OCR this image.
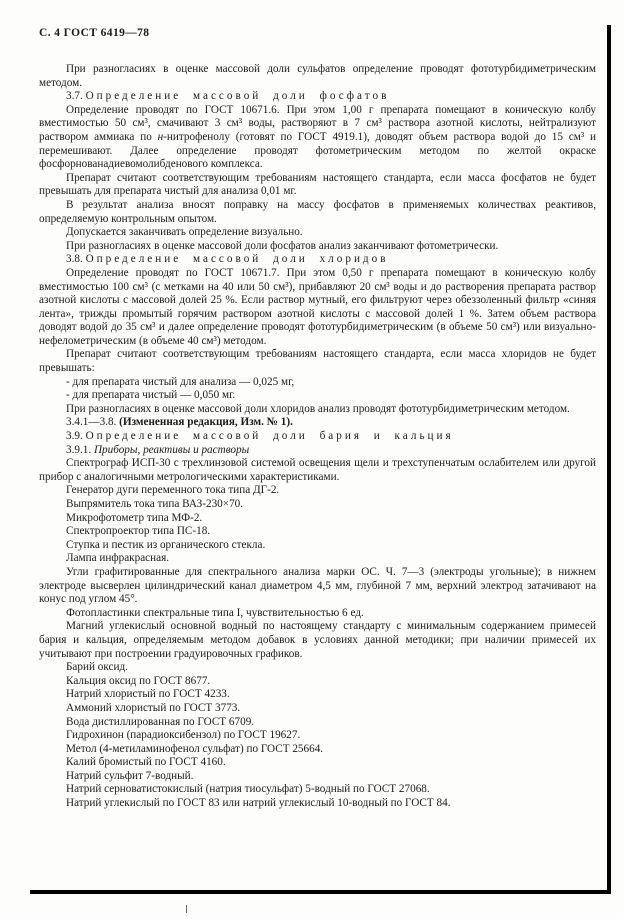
С. 4 ГОСТ 6419—78

При разногласиях в оценке массовой доли сульфатов определение проводят фототурбидиметрическим методом.

3.7. Определение массовой доли фосфатов

Определение проводят по ГОСТ 10671.6. При этом 1,00 г препарата помещают в коническую колбу вместимостью 50 см³, смачивают 3 см³ воды, растворяют в 7 см³ раствора азотной кислоты, нейтрализуют раствором аммиака по н-нитрофенолу (готовят по ГОСТ 4919.1), доводят объем раствора водой до 15 см³ и перемешивают. Далее определение проводят фотометрическим методом по желтой окраске фосфорнованадиевомолибденового комплекса.

Препарат считают соответствующим требованиям настоящего стандарта, если масса фосфатов не будет превышать для препарата чистый для анализа 0,01 мг.

В результат анализа вносят поправку на массу фосфатов в применяемых количествах реактивов, определяемую контрольным опытом.

Допускается заканчивать определение визуально.

При разногласиях в оценке массовой доли фосфатов анализ заканчивают фотометрически.

3.8. Определение массовой доли хлоридов

Определение проводят по ГОСТ 10671.7. При этом 0,50 г препарата помещают в коническую колбу вместимостью 100 см³ (с метками на 40 или 50 см³), прибавляют 20 см³ воды и до растворения препарата раствор азотной кислоты с массовой долей 25 %. Если раствор мутный, его фильтруют через обеззоленный фильтр «синяя лента», трижды промытый горячим раствором азотной кислоты с массовой долей 1 %. Затем объем раствора доводят водой до 35 см³ и далее определение проводят фототурбидиметрическим (в объеме 50 см³) или визуально-нефелометрическим (в объеме 40 см³) методом.

Препарат считают соответствующим требованиям настоящего стандарта, если масса хлоридов не будет превышать:

- для препарата чистый для анализа — 0,025 мг,

- для препарата чистый — 0,050 мг.

При разногласиях в оценке массовой доли хлоридов анализ проводят фототурбидиметрическим методом.

3.4.1—3.8. (Измененная редакция, Изм. № 1).

3.9. Определение массовой доли бария и кальция

3.9.1. Приборы, реактивы и растворы

Спектрограф ИСП-30 с трехлинзовой системой освещения щели и трехступенчатым ослабителем или другой прибор с аналогичными метрологическими характеристиками.

Генератор дуги переменного тока типа ДГ-2.

Выпрямитель тока типа ВАЗ-230×70.

Микрофотометр типа МФ-2.

Спектропроектор типа ПС-18.

Ступка и пестик из органического стекла.

Лампа инфракрасная.

Угли графитированные для спектрального анализа марки ОС. Ч. 7—3 (электроды угольные); в нижнем электроде высверлен цилиндрический канал диаметром 4,5 мм, глубиной 7 мм, верхний электрод затачивают на конус под углом 45°.

Фотопластинки спектральные типа I, чувствительностью 6 ед.

Магний углекислый основной водный по настоящему стандарту с минимальным содержанием примесей бария и кальция, определяемым методом добавок в условиях данной методики; при наличии примесей их учитывают при построении градуировочных графиков.

Барий оксид.

Кальция оксид по ГОСТ 8677.

Натрий хлористый по ГОСТ 4233.

Аммоний хлористый по ГОСТ 3773.

Вода дистиллированная по ГОСТ 6709.

Гидрохинон (парадиоксибензол) по ГОСТ 19627.

Метол (4-метиламинофенол сульфат) по ГОСТ 25664.

Калий бромистый по ГОСТ 4160.

Натрий сульфит 7-водный.

Натрий серноватистокислый (натрия тиосульфат) 5-водный по ГОСТ 27068.

Натрий углекислый по ГОСТ 83 или натрий углекислый 10-водный по ГОСТ 84.
